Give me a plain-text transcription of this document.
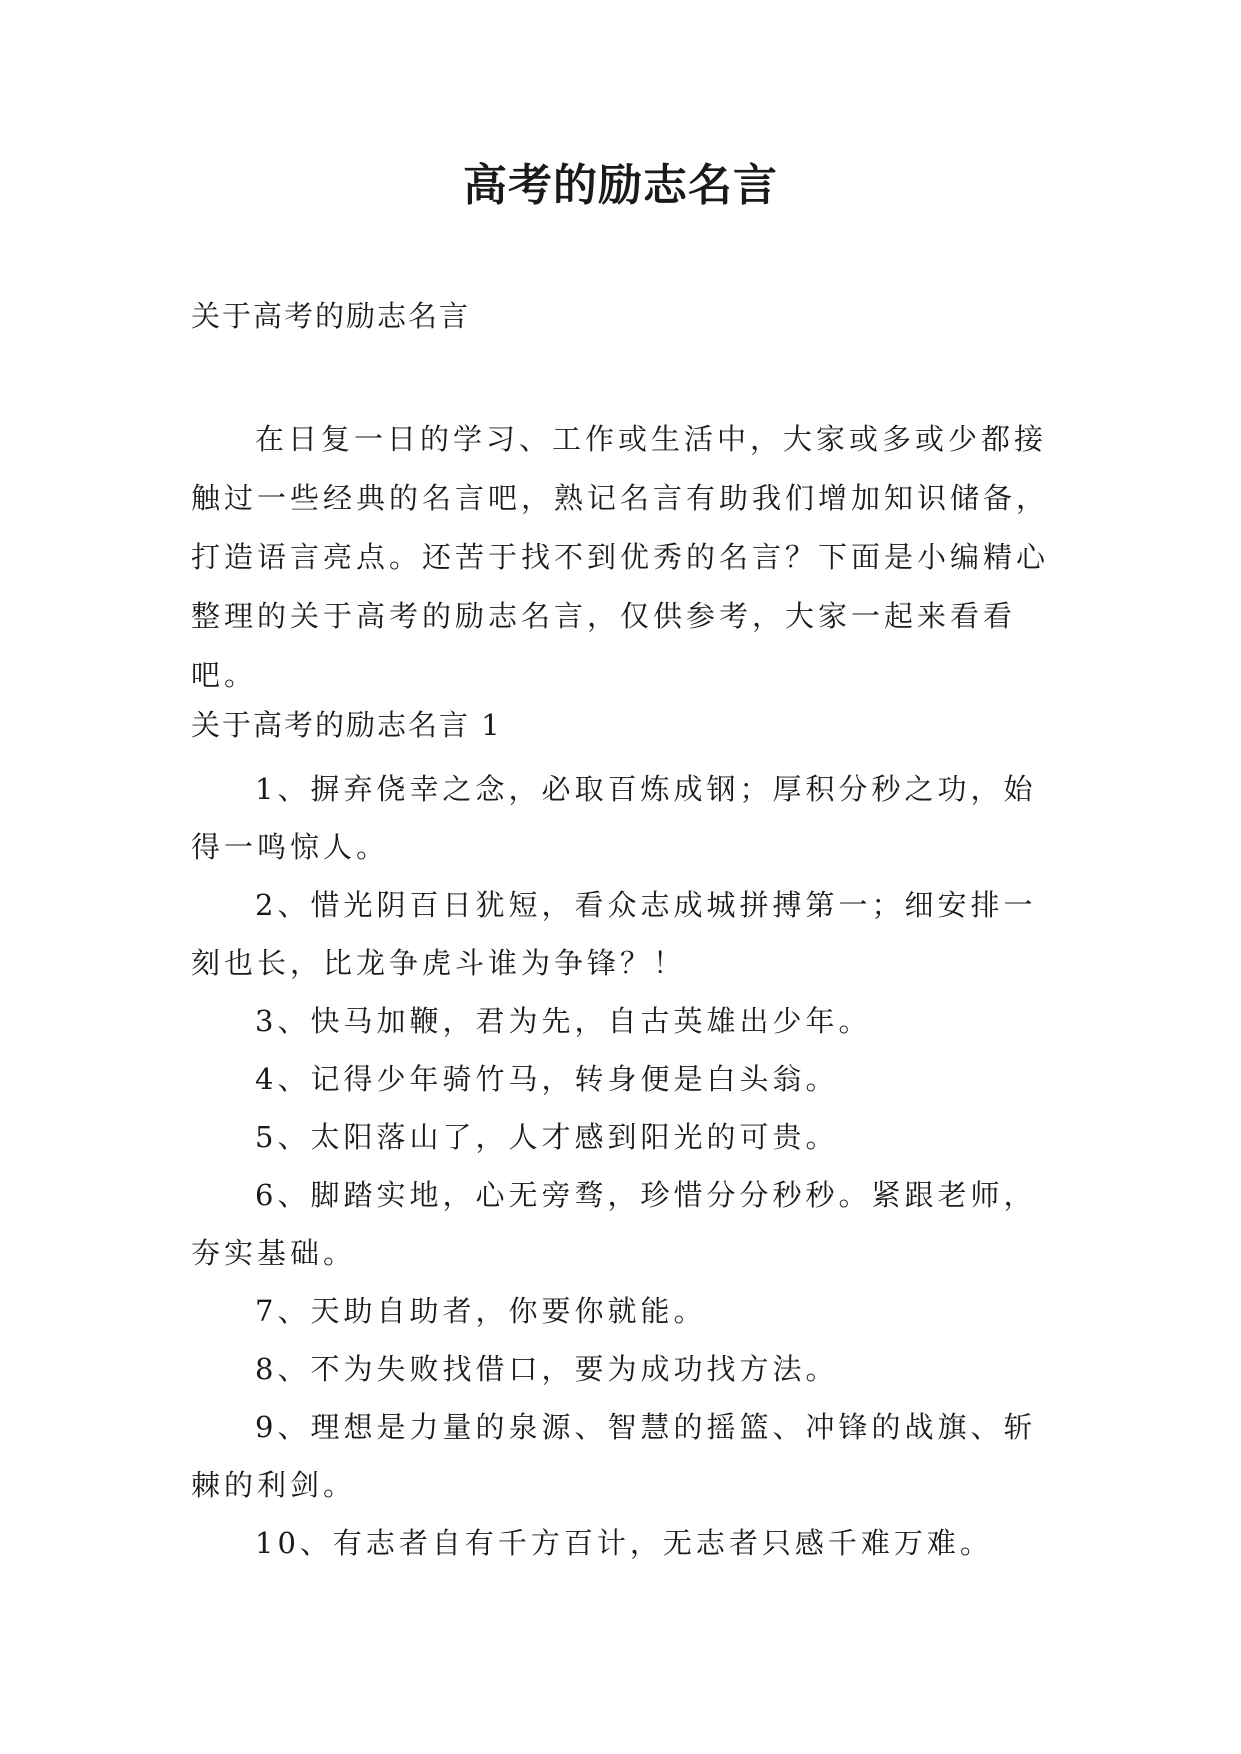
高考的励志名言
关于高考的励志名言

在日复一日的学习、工作或生活中，大家或多或少都接触过一些经典的名言吧，熟记名言有助我们增加知识储备，打造语言亮点。还苦于找不到优秀的名言？下面是小编精心整理的关于高考的励志名言，仅供参考，大家一起来看看吧。

关于高考的励志名言 1

1、摒弃侥幸之念，必取百炼成钢；厚积分秒之功，始得一鸣惊人。

2、惜光阴百日犹短，看众志成城拼搏第一；细安排一刻也长，比龙争虎斗谁为争锋？！

3、快马加鞭，君为先，自古英雄出少年。

4、记得少年骑竹马，转身便是白头翁。

5、太阳落山了，人才感到阳光的可贵。

6、脚踏实地，心无旁骛，珍惜分分秒秒。紧跟老师，夯实基础。

7、天助自助者，你要你就能。

8、不为失败找借口，要为成功找方法。

9、理想是力量的泉源、智慧的摇篮、冲锋的战旗、斩棘的利剑。

10、有志者自有千方百计，无志者只感千难万难。
